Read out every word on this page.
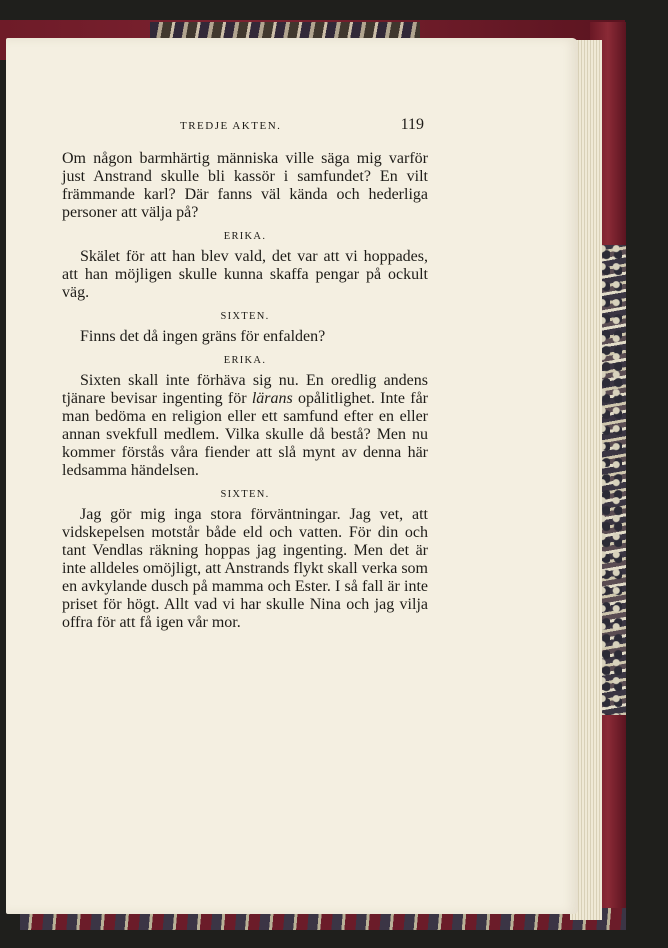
TREDJE AKTEN.	119

Om någon barmhärtig människa ville säga mig varför just Anstrand skulle bli kassör i samfundet? En vilt främmande karl? Där fanns väl kända och hederliga personer att välja på?

ERIKA.

Skälet för att han blev vald, det var att vi hoppades, att han möjligen skulle kunna skaffa pengar på ockult väg.

SIXTEN.

Finns det då ingen gräns för enfalden?

ERIKA.

Sixten skall inte förhäva sig nu. En oredlig andens tjänare bevisar ingenting för lärans opålitlighet. Inte får man bedöma en religion eller ett samfund efter en eller annan svekfull medlem. Vilka skulle då bestå? Men nu kommer förstås våra fiender att slå mynt av denna här ledsamma händelsen.

SIXTEN.

Jag gör mig inga stora förväntningar. Jag vet, att vidskepelsen motstår både eld och vatten. För din och tant Vendlas räkning hoppas jag ingenting. Men det är inte alldeles omöjligt, att Anstrands flykt skall verka som en avkylande dusch på mamma och Ester. I så fall är inte priset för högt. Allt vad vi har skulle Nina och jag vilja offra för att få igen vår mor.
